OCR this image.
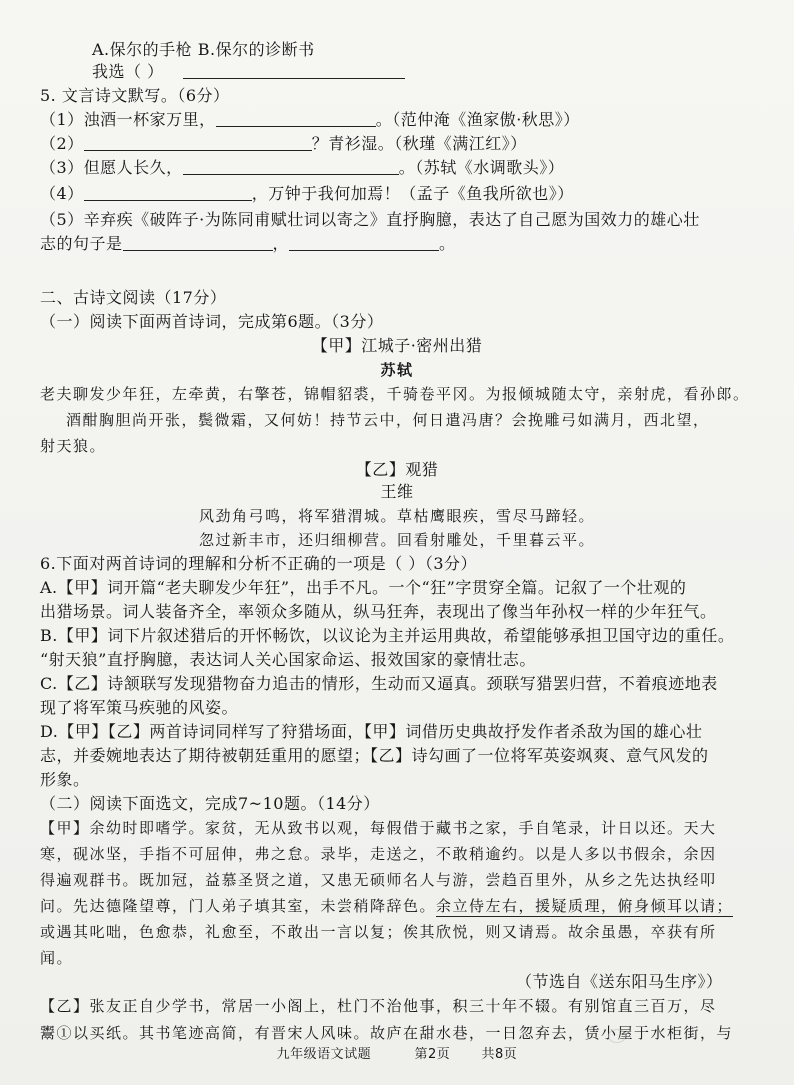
A.保尔的手枪 B.保尔的诊断书
我选（ ）
5. 文言诗文默写。（6分）
（1）浊酒一杯家万里，	。（范仲淹《渔家傲·秋思》）
（2）	？青衫湿。（秋瑾《满江红》）
（3）但愿人长久，	。（苏轼《水调歌头》）
（4）	，万钟于我何加焉！（孟子《鱼我所欲也》）
（5）辛弃疾《破阵子·为陈同甫赋壮词以寄之》直抒胸臆，表达了自己愿为国效力的雄心壮
志的句子是	，	。
二、古诗文阅读（17分）
（一）阅读下面两首诗词，完成第6题。（3分）
【甲】江城子·密州出猎
苏轼
老夫聊发少年狂，左牵黄，右擎苍，锦帽貂裘，千骑卷平冈。为报倾城随太守，亲射虎，看孙郎。
酒酣胸胆尚开张，鬓微霜，又何妨！持节云中，何日遣冯唐？会挽雕弓如满月，西北望，
射天狼。
【乙】观猎
王维
风劲角弓鸣，将军猎渭城。草枯鹰眼疾，雪尽马蹄轻。
忽过新丰市，还归细柳营。回看射雕处，千里暮云平。
6.下面对两首诗词的理解和分析不正确的一项是（ ）（3分）
A.【甲】词开篇“老夫聊发少年狂”，出手不凡。一个“狂”字贯穿全篇。记叙了一个壮观的
出猎场景。词人装备齐全，率领众多随从，纵马狂奔，表现出了像当年孙权一样的少年狂气。
B.【甲】词下片叙述猎后的开怀畅饮，以议论为主并运用典故，希望能够承担卫国守边的重任。
“射天狼”直抒胸臆，表达词人关心国家命运、报效国家的豪情壮志。
C.【乙】诗颔联写发现猎物奋力追击的情形，生动而又逼真。颈联写猎罢归营，不着痕迹地表
现了将军策马疾驰的风姿。
D.【甲】【乙】两首诗词同样写了狩猎场面，【甲】词借历史典故抒发作者杀敌为国的雄心壮
志，并委婉地表达了期待被朝廷重用的愿望；【乙】诗勾画了一位将军英姿飒爽、意气风发的
形象。
（二）阅读下面选文，完成7~10题。（14分）
【甲】余幼时即嗜学。家贫，无从致书以观，每假借于藏书之家，手自笔录，计日以还。天大
寒，砚冰坚，手指不可屈伸，弗之怠。录毕，走送之，不敢稍逾约。以是人多以书假余，余因
得遍观群书。既加冠，益慕圣贤之道，又患无硕师名人与游，尝趋百里外，从乡之先达执经叩
问。先达德隆望尊，门人弟子填其室，未尝稍降辞色。余立侍左右，援疑质理，俯身倾耳以请；
或遇其叱咄，色愈恭，礼愈至，不敢出一言以复；俟其欣悦，则又请焉。故余虽愚，卒获有所
闻。
（节选自《送东阳马生序》）
【乙】张友正自少学书，常居一小阁上，杜门不治他事，积三十年不辍。有别馆直三百万，尽
鬻①以买纸。其书笔迹高简，有晋宋人风味。故庐在甜水巷，一日忽弃去，赁小屋于水柜街，与
九年级语文试题	第2页 共8页
